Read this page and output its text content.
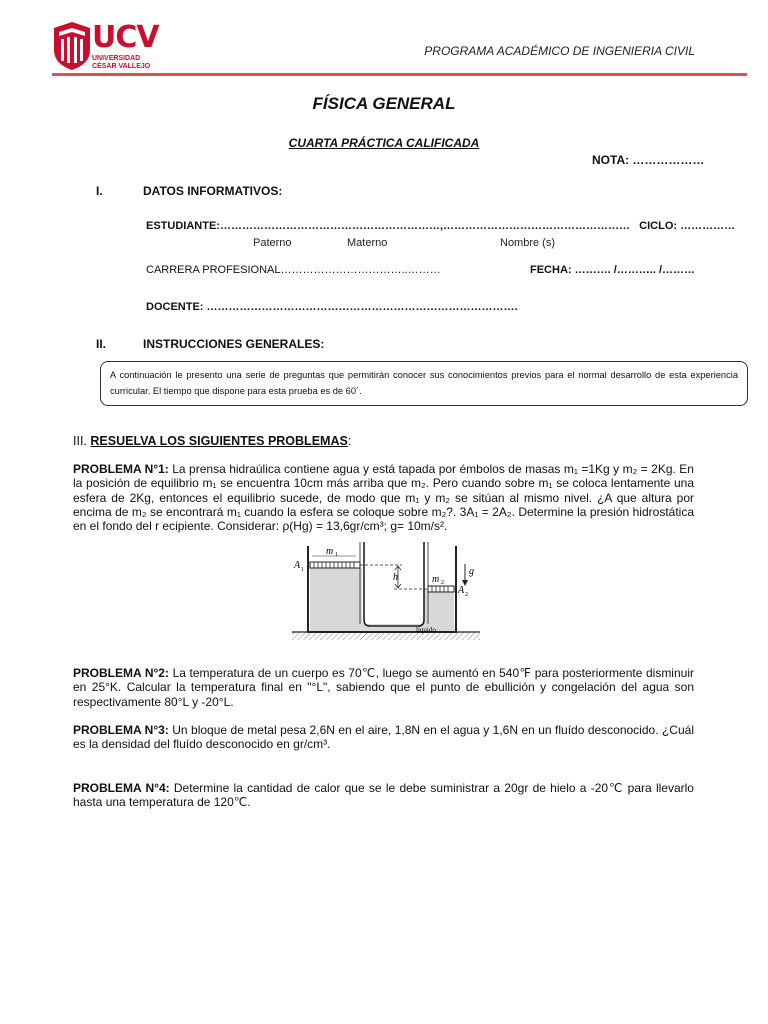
UCV
UNIVERSIDAD
CÉSAR VALLEJO
PROGRAMA ACADÉMICO DE INGENIERIA CIVIL
FÍSICA GENERAL
CUARTA PRÁCTICA CALIFICADA
NOTA: ………………
I.	DATOS INFORMATIVOS:
ESTUDIANTE:……………………………………………………,……………………………………………   CICLO: ……………
Paterno	Materno	Nombre (s)
CARRERA PROFESIONAL……………………………..………	FECHA: ………. /……….. /………
DOCENTE: ………………………………………………………………………….
II.	INSTRUCCIONES GENERALES:
A continuación le presento una serie de preguntas que permitirán conocer sus conocimientos previos para el normal desarrollo de esta experiencia curricular. El tiempo que dispone para esta prueba es de 60´.
III. RESUELVA LOS SIGUIENTES PROBLEMAS:
PROBLEMA N°1: La prensa hidraúlica contiene agua y está tapada por émbolos de masas m₁ =1Kg y m₂ = 2Kg. En la posición de equilibrio m₁ se encuentra 10cm más arriba que m₂. Pero cuando sobre m₁ se coloca lentamente una esfera de 2Kg, entonces el equilibrio sucede, de modo que m₁ y m₂ se sitúan al mismo nivel. ¿A que altura por encima de m₂ se encontrará m₁ cuando la esfera se coloque sobre m₂?. 3A₁ = 2A₂. Determine la presión hidrostática en el fondo del r ecipiente. Considerar: ρ(Hg) = 13,6gr/cm³; g= 10m/s².
A 1
m 1
h	m 2
A 2
g
liquido
PROBLEMA N°2: La temperatura de un cuerpo es 70℃, luego se aumentó en 540℉ para posteriormente disminuir en 25°K. Calcular la temperatura final en "°L", sabiendo que el punto de ebullición y congelación del agua son respectivamente 80°L y -20°L.
PROBLEMA N°3: Un bloque de metal pesa 2,6N en el aire, 1,8N en el agua y 1,6N en un fluído desconocido. ¿Cuál es la densidad del fluído desconocido en gr/cm³.
PROBLEMA N°4: Determine la cantidad de calor que se le debe suministrar a 20gr de hielo a -20℃ para llevarlo hasta una temperatura de 120℃.
